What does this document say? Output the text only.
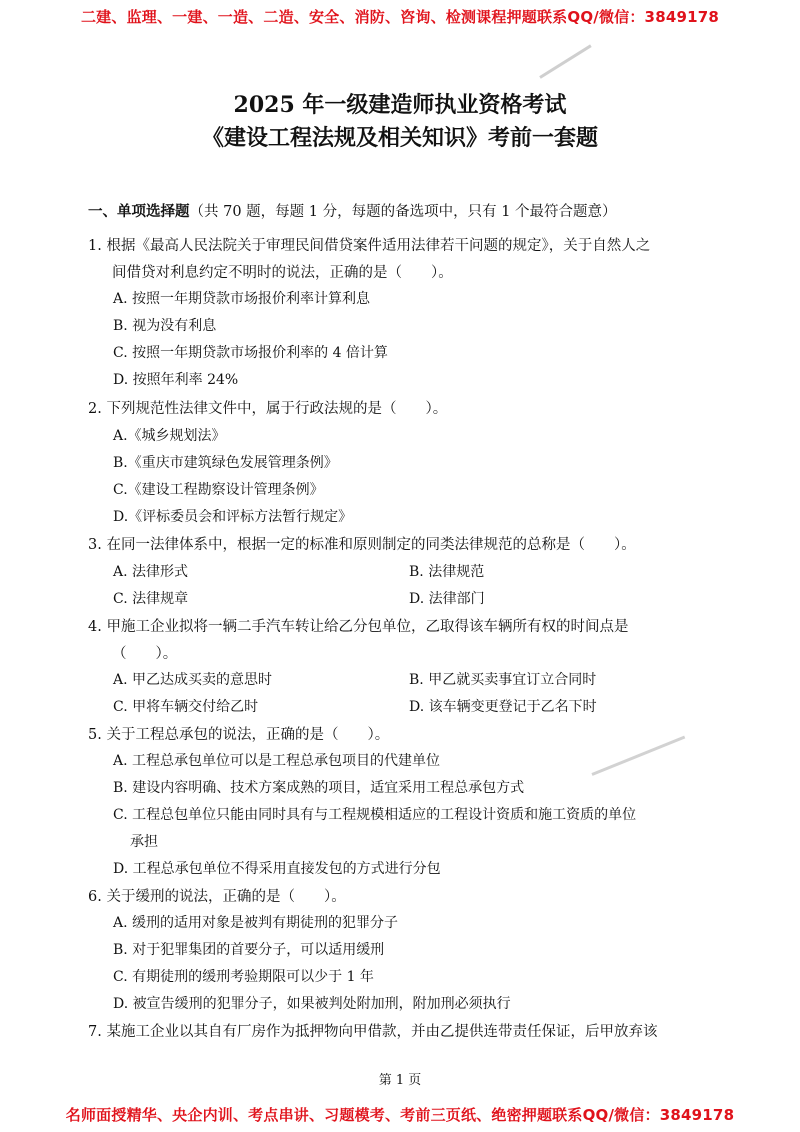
二建、监理、一建、一造、二造、安全、消防、咨询、检测课程押题联系QQ/微信：3849178
2025 年一级建造师执业资格考试
《建设工程法规及相关知识》考前一套题
一、单项选择题（共 70 题，每题 1 分，每题的备选项中，只有 1 个最符合题意）
1. 根据《最高人民法院关于审理民间借贷案件适用法律若干问题的规定》，关于自然人之
间借贷对利息约定不明时的说法，正确的是（　　）。
A. 按照一年期贷款市场报价利率计算利息
B. 视为没有利息
C. 按照一年期贷款市场报价利率的 4 倍计算
D. 按照年利率 24%
2. 下列规范性法律文件中，属于行政法规的是（　　）。
A.《城乡规划法》
B.《重庆市建筑绿色发展管理条例》
C.《建设工程勘察设计管理条例》
D.《评标委员会和评标方法暂行规定》
3. 在同一法律体系中，根据一定的标准和原则制定的同类法律规范的总称是（　　）。
A. 法律形式	B. 法律规范
C. 法律规章	D. 法律部门
4. 甲施工企业拟将一辆二手汽车转让给乙分包单位，乙取得该车辆所有权的时间点是
（　　）。
A. 甲乙达成买卖的意思时	B. 甲乙就买卖事宜订立合同时
C. 甲将车辆交付给乙时	D. 该车辆变更登记于乙名下时
5. 关于工程总承包的说法，正确的是（　　）。
A. 工程总承包单位可以是工程总承包项目的代建单位
B. 建设内容明确、技术方案成熟的项目，适宜采用工程总承包方式
C. 工程总包单位只能由同时具有与工程规模相适应的工程设计资质和施工资质的单位
承担
D. 工程总承包单位不得采用直接发包的方式进行分包
6. 关于缓刑的说法，正确的是（　　）。
A. 缓刑的适用对象是被判有期徒刑的犯罪分子
B. 对于犯罪集团的首要分子，可以适用缓刑
C. 有期徒刑的缓刑考验期限可以少于 1 年
D. 被宣告缓刑的犯罪分子，如果被判处附加刑，附加刑必须执行
7. 某施工企业以其自有厂房作为抵押物向甲借款，并由乙提供连带责任保证，后甲放弃该
第 1 页
名师面授精华、央企内训、考点串讲、习题模考、考前三页纸、绝密押题联系QQ/微信：3849178
